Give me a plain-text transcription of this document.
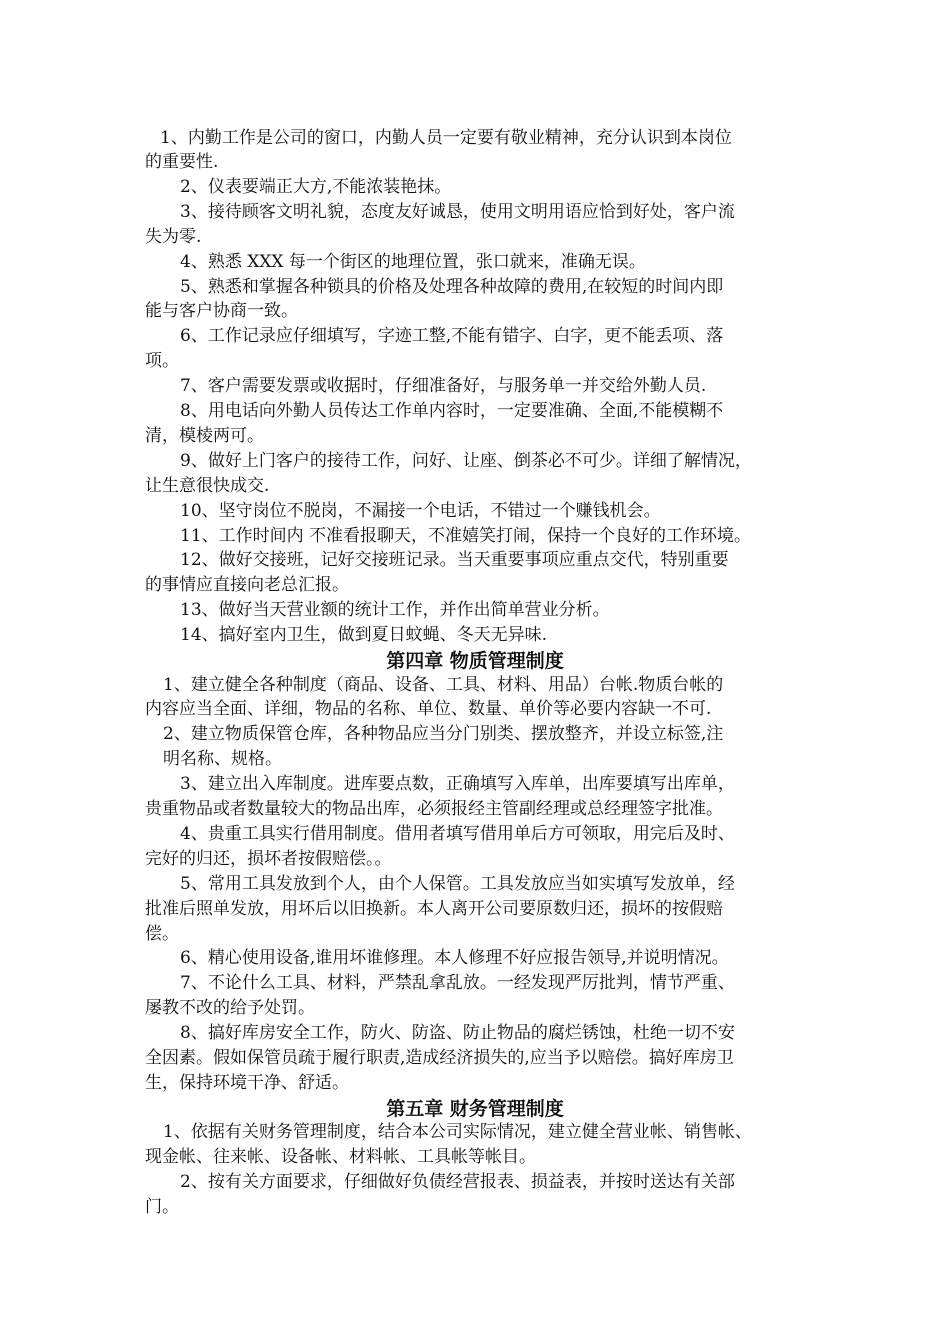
1、内勤工作是公司的窗口，内勤人员一定要有敬业精神，充分认识到本岗位
的重要性.
2、仪表要端正大方,不能浓装艳抹。
3、接待顾客文明礼貌，态度友好诚恳，使用文明用语应恰到好处，客户流
失为零.
4、熟悉 XXX 每一个街区的地理位置，张口就来，准确无误。
5、熟悉和掌握各种锁具的价格及处理各种故障的费用,在较短的时间内即
能与客户协商一致。
6、工作记录应仔细填写，字迹工整,不能有错字、白字，更不能丢项、落
项。
7、客户需要发票或收据时，仔细准备好，与服务单一并交给外勤人员.
8、用电话向外勤人员传达工作单内容时，一定要准确、全面,不能模糊不
清，模棱两可。
9、做好上门客户的接待工作，问好、让座、倒茶必不可少。详细了解情况，
让生意很快成交.
10、坚守岗位不脱岗，不漏接一个电话，不错过一个赚钱机会。
11、工作时间内 不准看报聊天，不准嬉笑打闹，保持一个良好的工作环境。
12、做好交接班，记好交接班记录。当天重要事项应重点交代，特别重要
的事情应直接向老总汇报。
13、做好当天营业额的统计工作，并作出简单营业分析。
14、搞好室内卫生，做到夏日蚊蝇、冬天无异味.
第四章 物质管理制度
1、建立健全各种制度（商品、设备、工具、材料、用品）台帐.物质台帐的
内容应当全面、详细，物品的名称、单位、数量、单价等必要内容缺一不可.
2、建立物质保管仓库，各种物品应当分门别类、摆放整齐，并设立标签,注
明名称、规格。
3、建立出入库制度。进库要点数，正确填写入库单，出库要填写出库单，
贵重物品或者数量较大的物品出库，必须报经主管副经理或总经理签字批准。
4、贵重工具实行借用制度。借用者填写借用单后方可领取，用完后及时、
完好的归还，损坏者按假赔偿。。
5、常用工具发放到个人，由个人保管。工具发放应当如实填写发放单，经
批准后照单发放，用坏后以旧换新。本人离开公司要原数归还，损坏的按假赔
偿。
6、精心使用设备,谁用坏谁修理。本人修理不好应报告领导,并说明情况。
7、不论什么工具、材料，严禁乱拿乱放。一经发现严厉批判，情节严重、
屡教不改的给予处罚。
8、搞好库房安全工作，防火、防盗、防止物品的腐烂锈蚀，杜绝一切不安
全因素。假如保管员疏于履行职责,造成经济损失的,应当予以赔偿。搞好库房卫
生，保持环境干净、舒适。
第五章 财务管理制度
1、依据有关财务管理制度，结合本公司实际情况，建立健全营业帐、销售帐、
现金帐、往来帐、设备帐、材料帐、工具帐等帐目。
2、按有关方面要求，仔细做好负债经营报表、损益表，并按时送达有关部
门。
